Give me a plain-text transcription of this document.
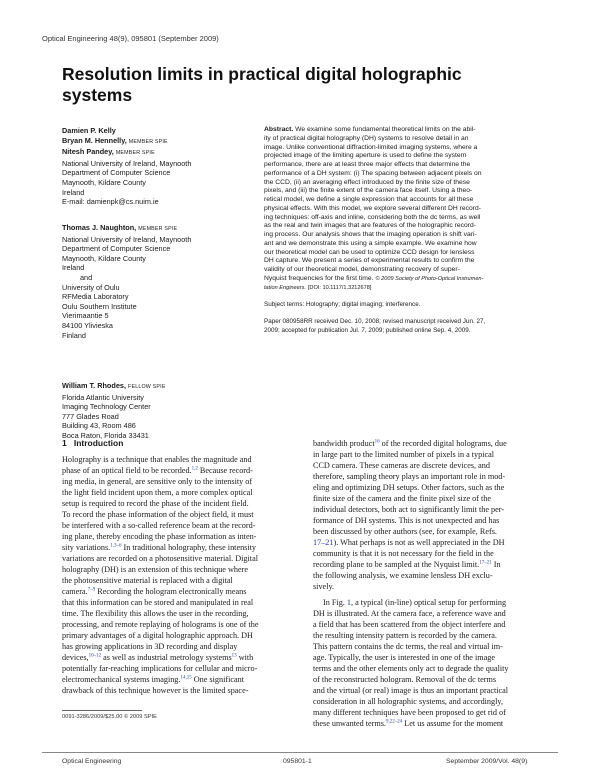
Optical Engineering 48(9), 095801 (September 2009)
Resolution limits in practical digital holographic
systems
Damien P. Kelly
Bryan M. Hennelly, MEMBER SPIE
Nitesh Pandey, MEMBER SPIE
National University of Ireland, Maynooth
Department of Computer Science
Maynooth, Kildare County
Ireland
E-mail: damienpk@cs.nuim.ie
Thomas J. Naughton, MEMBER SPIE
National University of Ireland, Maynooth
Department of Computer Science
Maynooth, Kildare County
Ireland
and
University of Oulu
RFMedia Laboratory
Oulu Southern Institute
Vierimaantie 5
84100 Ylivieska
Finland
William T. Rhodes, FELLOW SPIE
Florida Atlantic University
Imaging Technology Center
777 Glades Road
Building 43, Room 486
Boca Raton, Florida 33431
Abstract. We examine some fundamental theoretical limits on the abil-
ity of practical digital holography (DH) systems to resolve detail in an
image. Unlike conventional diffraction-limited imaging systems, where a
projected image of the limiting aperture is used to define the system
performance, there are at least three major effects that determine the
performance of a DH system: (i) The spacing between adjacent pixels on
the CCD, (ii) an averaging effect introduced by the finite size of these
pixels, and (iii) the finite extent of the camera face itself. Using a theo-
retical model, we define a single expression that accounts for all these
physical effects. With this model, we explore several different DH record-
ing techniques: off-axis and inline, considering both the dc terms, as well
as the real and twin images that are features of the holographic record-
ing process. Our analysis shows that the imaging operation is shift vari-
ant and we demonstrate this using a simple example. We examine how
our theoretical model can be used to optimize CCD design for lensless
DH capture. We present a series of experimental results to confirm the
validity of our theoretical model, demonstrating recovery of super-
Nyquist frequencies for the first time. © 2009 Society of Photo-Optical Instrumen-
tation Engineers. [DOI: 10.1117/1.3212678]
Subject terms: Holography; digital imaging; interference.
Paper 080958RR received Dec. 10, 2008; revised manuscript received Jun. 27,
2009; accepted for publication Jul. 7, 2009; published online Sep. 4, 2009.
1 Introduction
Holography is a technique that enables the magnitude and
phase of an optical field to be recorded.$^{1,2}$ Because record-
ing media, in general, are sensitive only to the intensity of
the light field incident upon them, a more complex optical
setup is required to record the phase of the incident field.
To record the phase information of the object field, it must
be interfered with a so-called reference beam at the record-
ing plane, thereby encoding the phase information as inten-
sity variations.$^{1,3-6}$ In traditional holography, these intensity
variations are recorded on a photosensitive material. Digital
holography (DH) is an extension of this technique where
the photosensitive material is replaced with a digital
camera.$^{7-9}$ Recording the hologram electronically means
that this information can be stored and manipulated in real
time. The flexibility this allows the user in the recording,
processing, and remote replaying of holograms is one of the
primary advantages of a digital holographic approach. DH
has growing applications in 3D recording and display
devices,$^{10-12}$ as well as industrial metrology systems$^{13}$ with
potentially far-reaching implications for cellular and micro-
electromechanical systems imaging.$^{14,15}$ One significant
drawback of this technique however is the limited space-
0091-3286/2009/$25.00 © 2009 SPIE
bandwidth product$^{16}$ of the recorded digital holograms, due
in large part to the limited number of pixels in a typical
CCD camera. These cameras are discrete devices, and
therefore, sampling theory plays an important role in mod-
eling and optimizing DH setups. Other factors, such as the
finite size of the camera and the finite pixel size of the
individual detectors, both act to significantly limit the per-
formance of DH systems. This is not unexpected and has
been discussed by other authors (see, for example, Refs.
17–21). What perhaps is not as well appreciated in the DH
community is that it is not necessary for the field in the
recording plane to be sampled at the Nyquist limit.$^{17-21}$ In
the following analysis, we examine lensless DH exclu-
sively.
In Fig. 1, a typical (in-line) optical setup for performing
DH is illustrated. At the camera face, a reference wave and
a field that has been scattered from the object interfere and
the resulting intensity pattern is recorded by the camera.
This pattern contains the dc terms, the real and virtual im-
age. Typically, the user is interested in one of the image
terms and the other elements only act to degrade the quality
of the reconstructed hologram. Removal of the dc terms
and the virtual (or real) image is thus an important practical
consideration in all holographic systems, and accordingly,
many different techniques have been proposed to get rid of
these unwanted terms.$^{9,22-24}$ Let us assume for the moment
Optical Engineering	095801-1	September 2009/Vol. 48(9)
